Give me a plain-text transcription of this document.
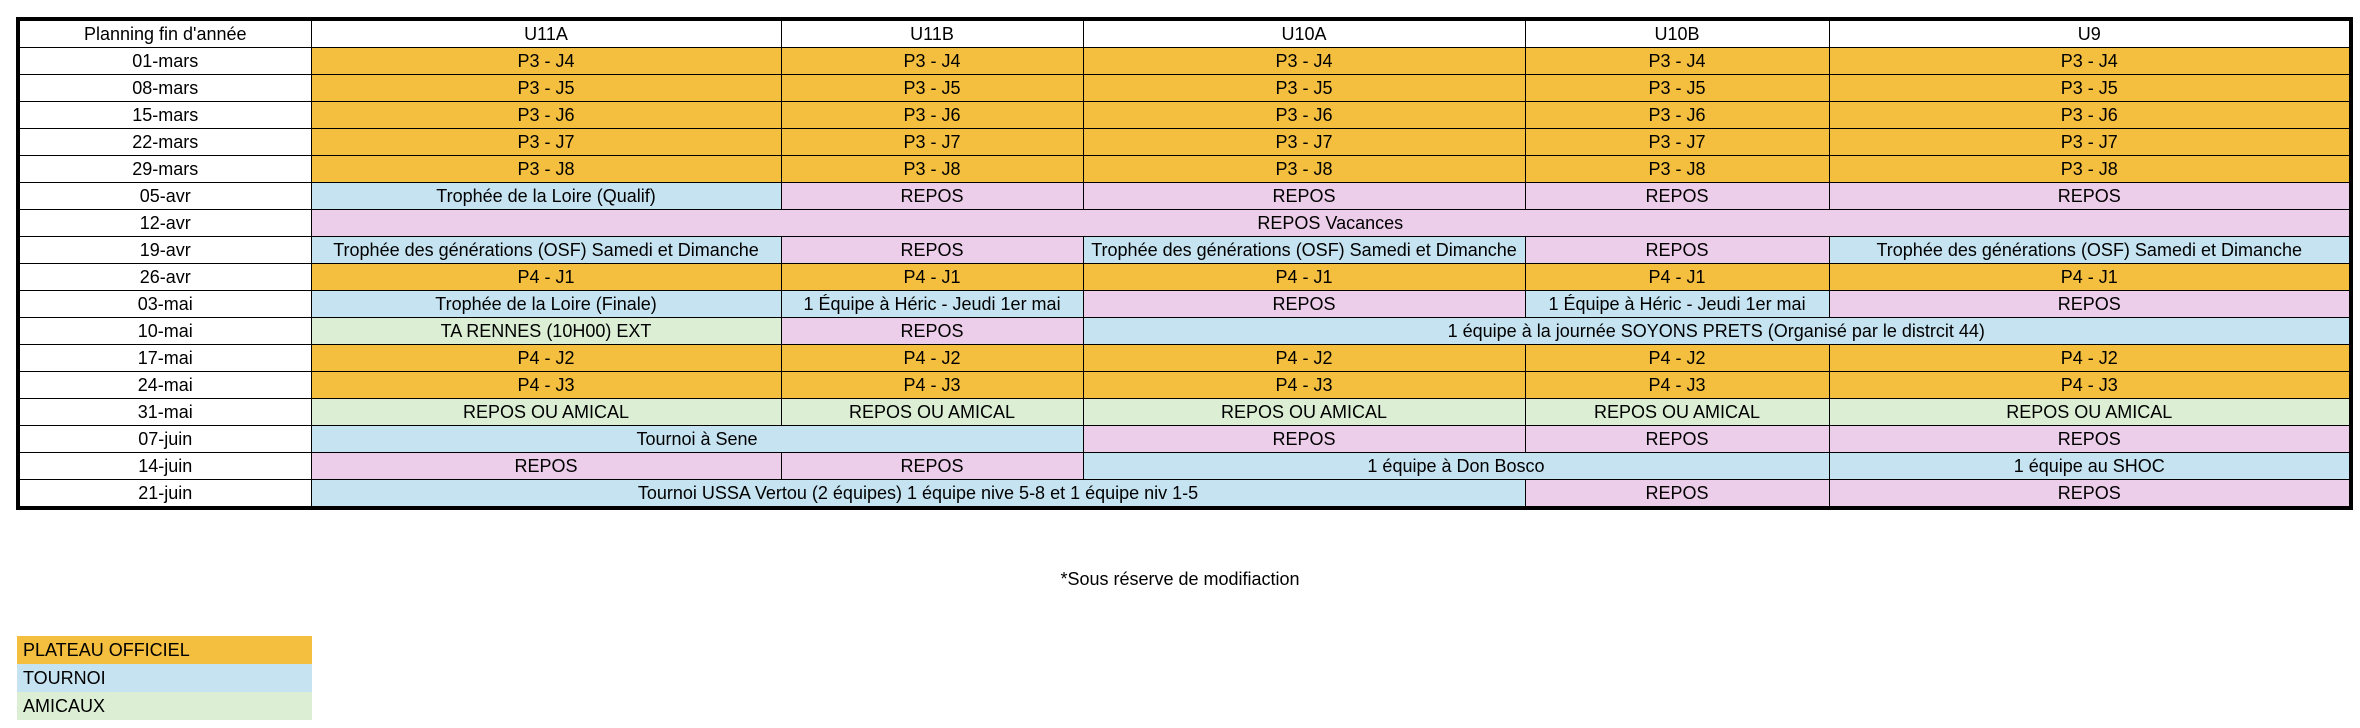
Planning fin d'année	U11A	U11B	U10A	U10B	U9
01-mars	P3 - J4	P3 - J4	P3 - J4	P3 - J4	P3 - J4
08-mars	P3 - J5	P3 - J5	P3 - J5	P3 - J5	P3 - J5
15-mars	P3 - J6	P3 - J6	P3 - J6	P3 - J6	P3 - J6
22-mars	P3 - J7	P3 - J7	P3 - J7	P3 - J7	P3 - J7
29-mars	P3 - J8	P3 - J8	P3 - J8	P3 - J8	P3 - J8
05-avr	Trophée de la Loire (Qualif)	REPOS	REPOS	REPOS	REPOS
12-avr	REPOS Vacances				
19-avr	Trophée des générations (OSF) Samedi et Dimanche	REPOS	Trophée des générations (OSF) Samedi et Dimanche	REPOS	Trophée des générations (OSF) Samedi et Dimanche
26-avr	P4 - J1	P4 - J1	P4 - J1	P4 - J1	P4 - J1
03-mai	Trophée de la Loire (Finale)	1 Équipe à Héric - Jeudi 1er mai	REPOS	1 Équipe à Héric - Jeudi 1er mai	REPOS
10-mai	TA RENNES (10H00) EXT	REPOS	1 équipe à la journée SOYONS PRETS (Organisé par le distrcit 44)		
17-mai	P4 - J2	P4 - J2	P4 - J2	P4 - J2	P4 - J2
24-mai	P4 - J3	P4 - J3	P4 - J3	P4 - J3	P4 - J3
31-mai	REPOS OU AMICAL	REPOS OU AMICAL	REPOS OU AMICAL	REPOS OU AMICAL	REPOS OU AMICAL
07-juin	Tournoi à Sene		REPOS	REPOS	REPOS
14-juin	REPOS	REPOS	1 équipe à Don Bosco		1 équipe au SHOC
21-juin	Tournoi USSA Vertou (2 équipes) 1 équipe nive 5-8 et 1 équipe niv 1-5			REPOS	REPOS
*Sous réserve de modifiaction
PLATEAU OFFICIEL
TOURNOI
AMICAUX
